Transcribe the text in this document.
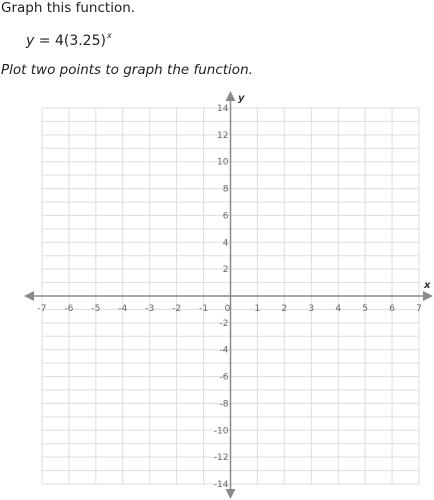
Graph this function.

$y = 4(3.25)^x$

Plot two points to graph the function.

-7 -6 -5 -4 -3 -2 -1 0	1 2 3 4 5 6 7
-14
-12
-10
-8
-6
-4
-2
2
4
6
8
10
12
14
x
y
